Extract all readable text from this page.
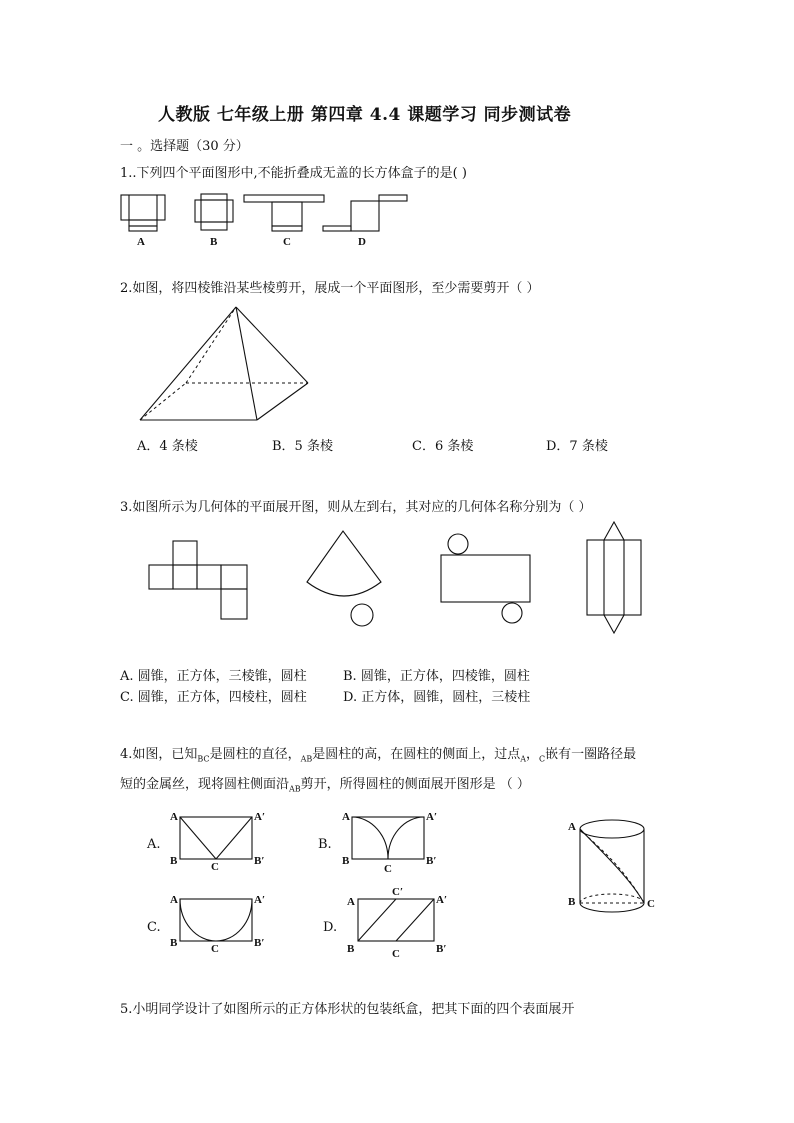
人教版 七年级上册 第四章 4.4 课题学习 同步测试卷
一 。选择题（30 分）
1..下列四个平面图形中,不能折叠成无盖的长方体盒子的是( )
A	B	C	D
2.如图，将四棱锥沿某些棱剪开，展成一个平面图形，至少需要剪开（ ）
A．4 条棱	B．5 条棱	C．6 条棱	D．7 条棱
3.如图所示为几何体的平面展开图，则从左到右，其对应的几何体名称分别为（ ）
A. 圆锥，正方体，三棱锥，圆柱	B. 圆锥，正方体，四棱锥，圆柱
C. 圆锥，正方体，四棱柱，圆柱	D. 正方体，圆锥，圆柱，三棱柱
4.如图，已知$_{BC}$是圆柱的直径，$_{AB}$是圆柱的高，在圆柱的侧面上，过点$_A$，$_C$嵌有一圈路径最
短的金属丝，现将圆柱侧面沿$_{AB}$剪开，所得圆柱的侧面展开图形是 （ ）
A.	B.
C.	D.
A	A′
B	B′
C
A	A′
B	B′
C
A	A′
B	B′
C
A
C′
A′
B	C	B′
A
B	C
5.小明同学设计了如图所示的正方体形状的包装纸盒，把其下面的四个表面展开
